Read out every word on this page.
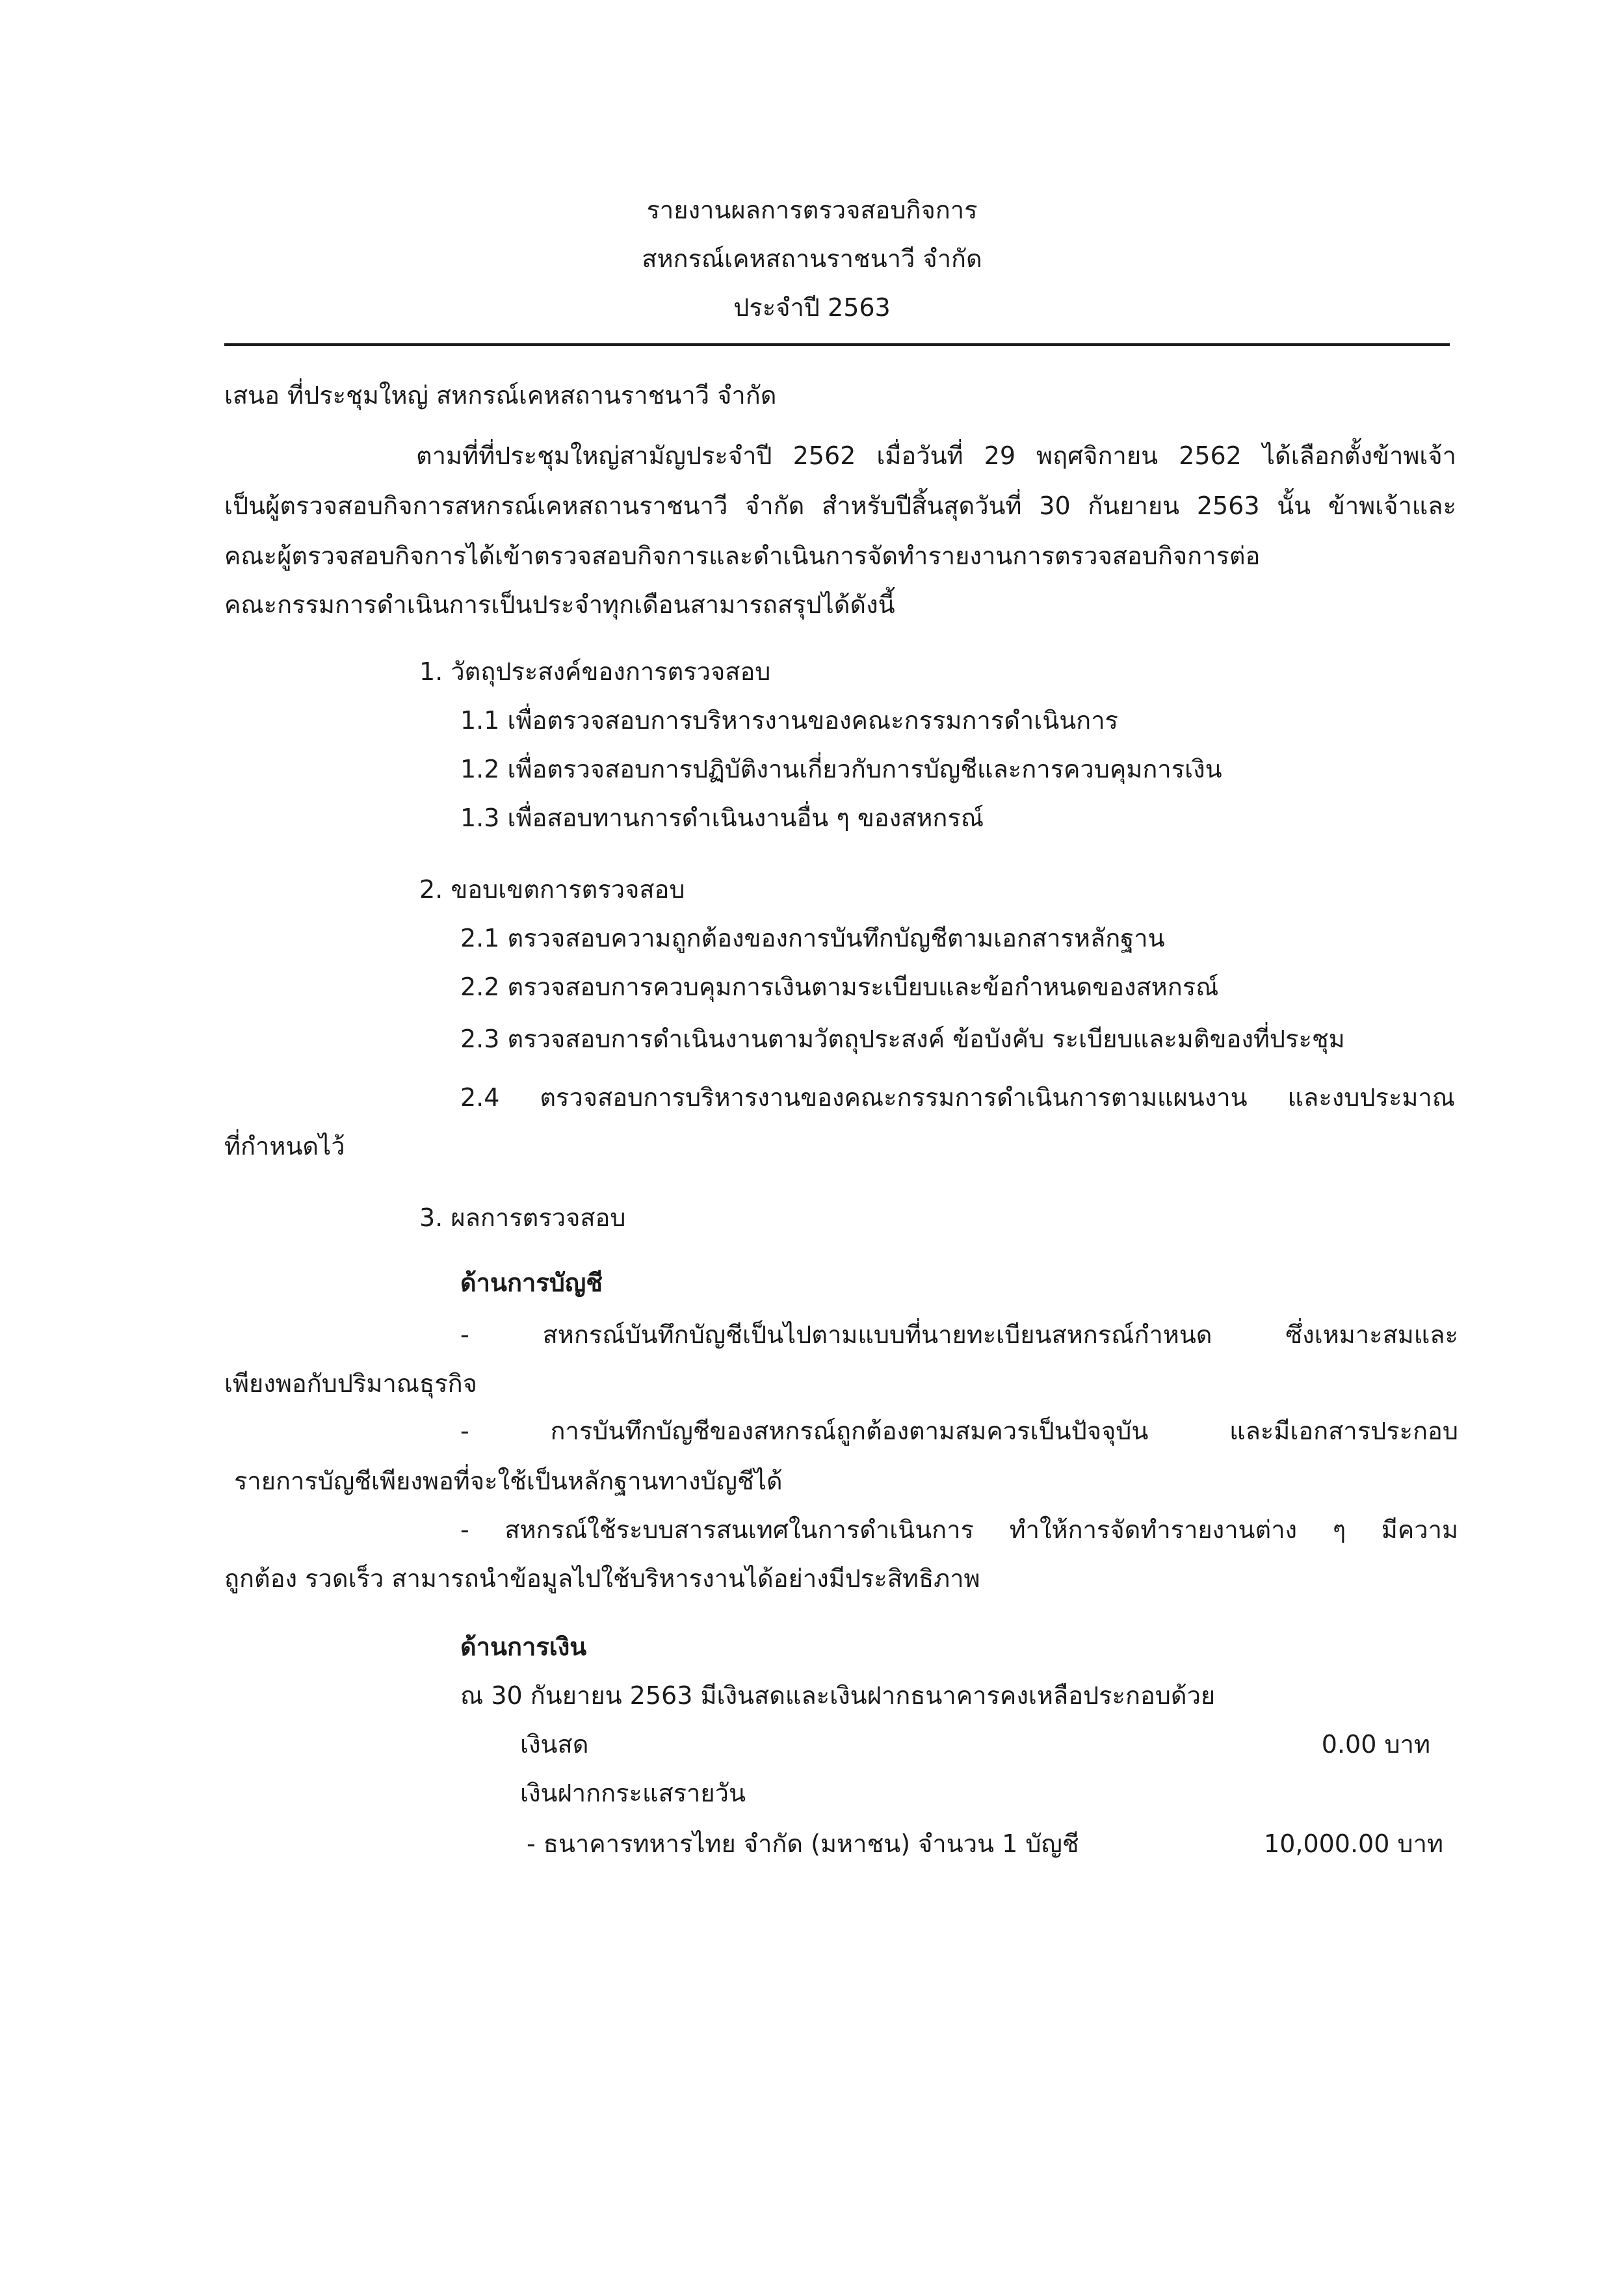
รายงานผลการตรวจสอบกิจการ
สหกรณ์เคหสถานราชนาวี จำกัด
ประจำปี 2563
เสนอ ที่ประชุมใหญ่ สหกรณ์เคหสถานราชนาวี จำกัด
ตามที่ที่ประชุมใหญ่สามัญประจำปี 2562 เมื่อวันที่ 29 พฤศจิกายน 2562 ได้เลือกตั้งข้าพเจ้า
เป็นผู้ตรวจสอบกิจการสหกรณ์เคหสถานราชนาวี จำกัด สำหรับปีสิ้นสุดวันที่ 30 กันยายน 2563 นั้น ข้าพเจ้าและ
คณะผู้ตรวจสอบกิจการได้เข้าตรวจสอบกิจการและดำเนินการจัดทำรายงานการตรวจสอบกิจการต่อ
คณะกรรมการดำเนินการเป็นประจำทุกเดือนสามารถสรุปได้ดังนี้
1. วัตถุประสงค์ของการตรวจสอบ
1.1 เพื่อตรวจสอบการบริหารงานของคณะกรรมการดำเนินการ
1.2 เพื่อตรวจสอบการปฏิบัติงานเกี่ยวกับการบัญชีและการควบคุมการเงิน
1.3 เพื่อสอบทานการดำเนินงานอื่น ๆ ของสหกรณ์
2. ขอบเขตการตรวจสอบ
2.1 ตรวจสอบความถูกต้องของการบันทึกบัญชีตามเอกสารหลักฐาน
2.2 ตรวจสอบการควบคุมการเงินตามระเบียบและข้อกำหนดของสหกรณ์
2.3 ตรวจสอบการดำเนินงานตามวัตถุประสงค์ ข้อบังคับ ระเบียบและมติของที่ประชุม
2.4 ตรวจสอบการบริหารงานของคณะกรรมการดำเนินการตามแผนงาน และงบประมาณ
ที่กำหนดไว้
3. ผลการตรวจสอบ
ด้านการบัญชี
- สหกรณ์บันทึกบัญชีเป็นไปตามแบบที่นายทะเบียนสหกรณ์กำหนด ซึ่งเหมาะสมและ
เพียงพอกับปริมาณธุรกิจ
- การบันทึกบัญชีของสหกรณ์ถูกต้องตามสมควรเป็นปัจจุบัน และมีเอกสารประกอบ
รายการบัญชีเพียงพอที่จะใช้เป็นหลักฐานทางบัญชีได้
- สหกรณ์ใช้ระบบสารสนเทศในการดำเนินการ ทำให้การจัดทำรายงานต่าง ๆ มีความ
ถูกต้อง รวดเร็ว สามารถนำข้อมูลไปใช้บริหารงานได้อย่างมีประสิทธิภาพ
ด้านการเงิน
ณ 30 กันยายน 2563 มีเงินสดและเงินฝากธนาคารคงเหลือประกอบด้วย
เงินสด	0.00 บาท
เงินฝากกระแสรายวัน
- ธนาคารทหารไทย จำกัด (มหาชน) จำนวน 1 บัญชี	10,000.00 บาท
